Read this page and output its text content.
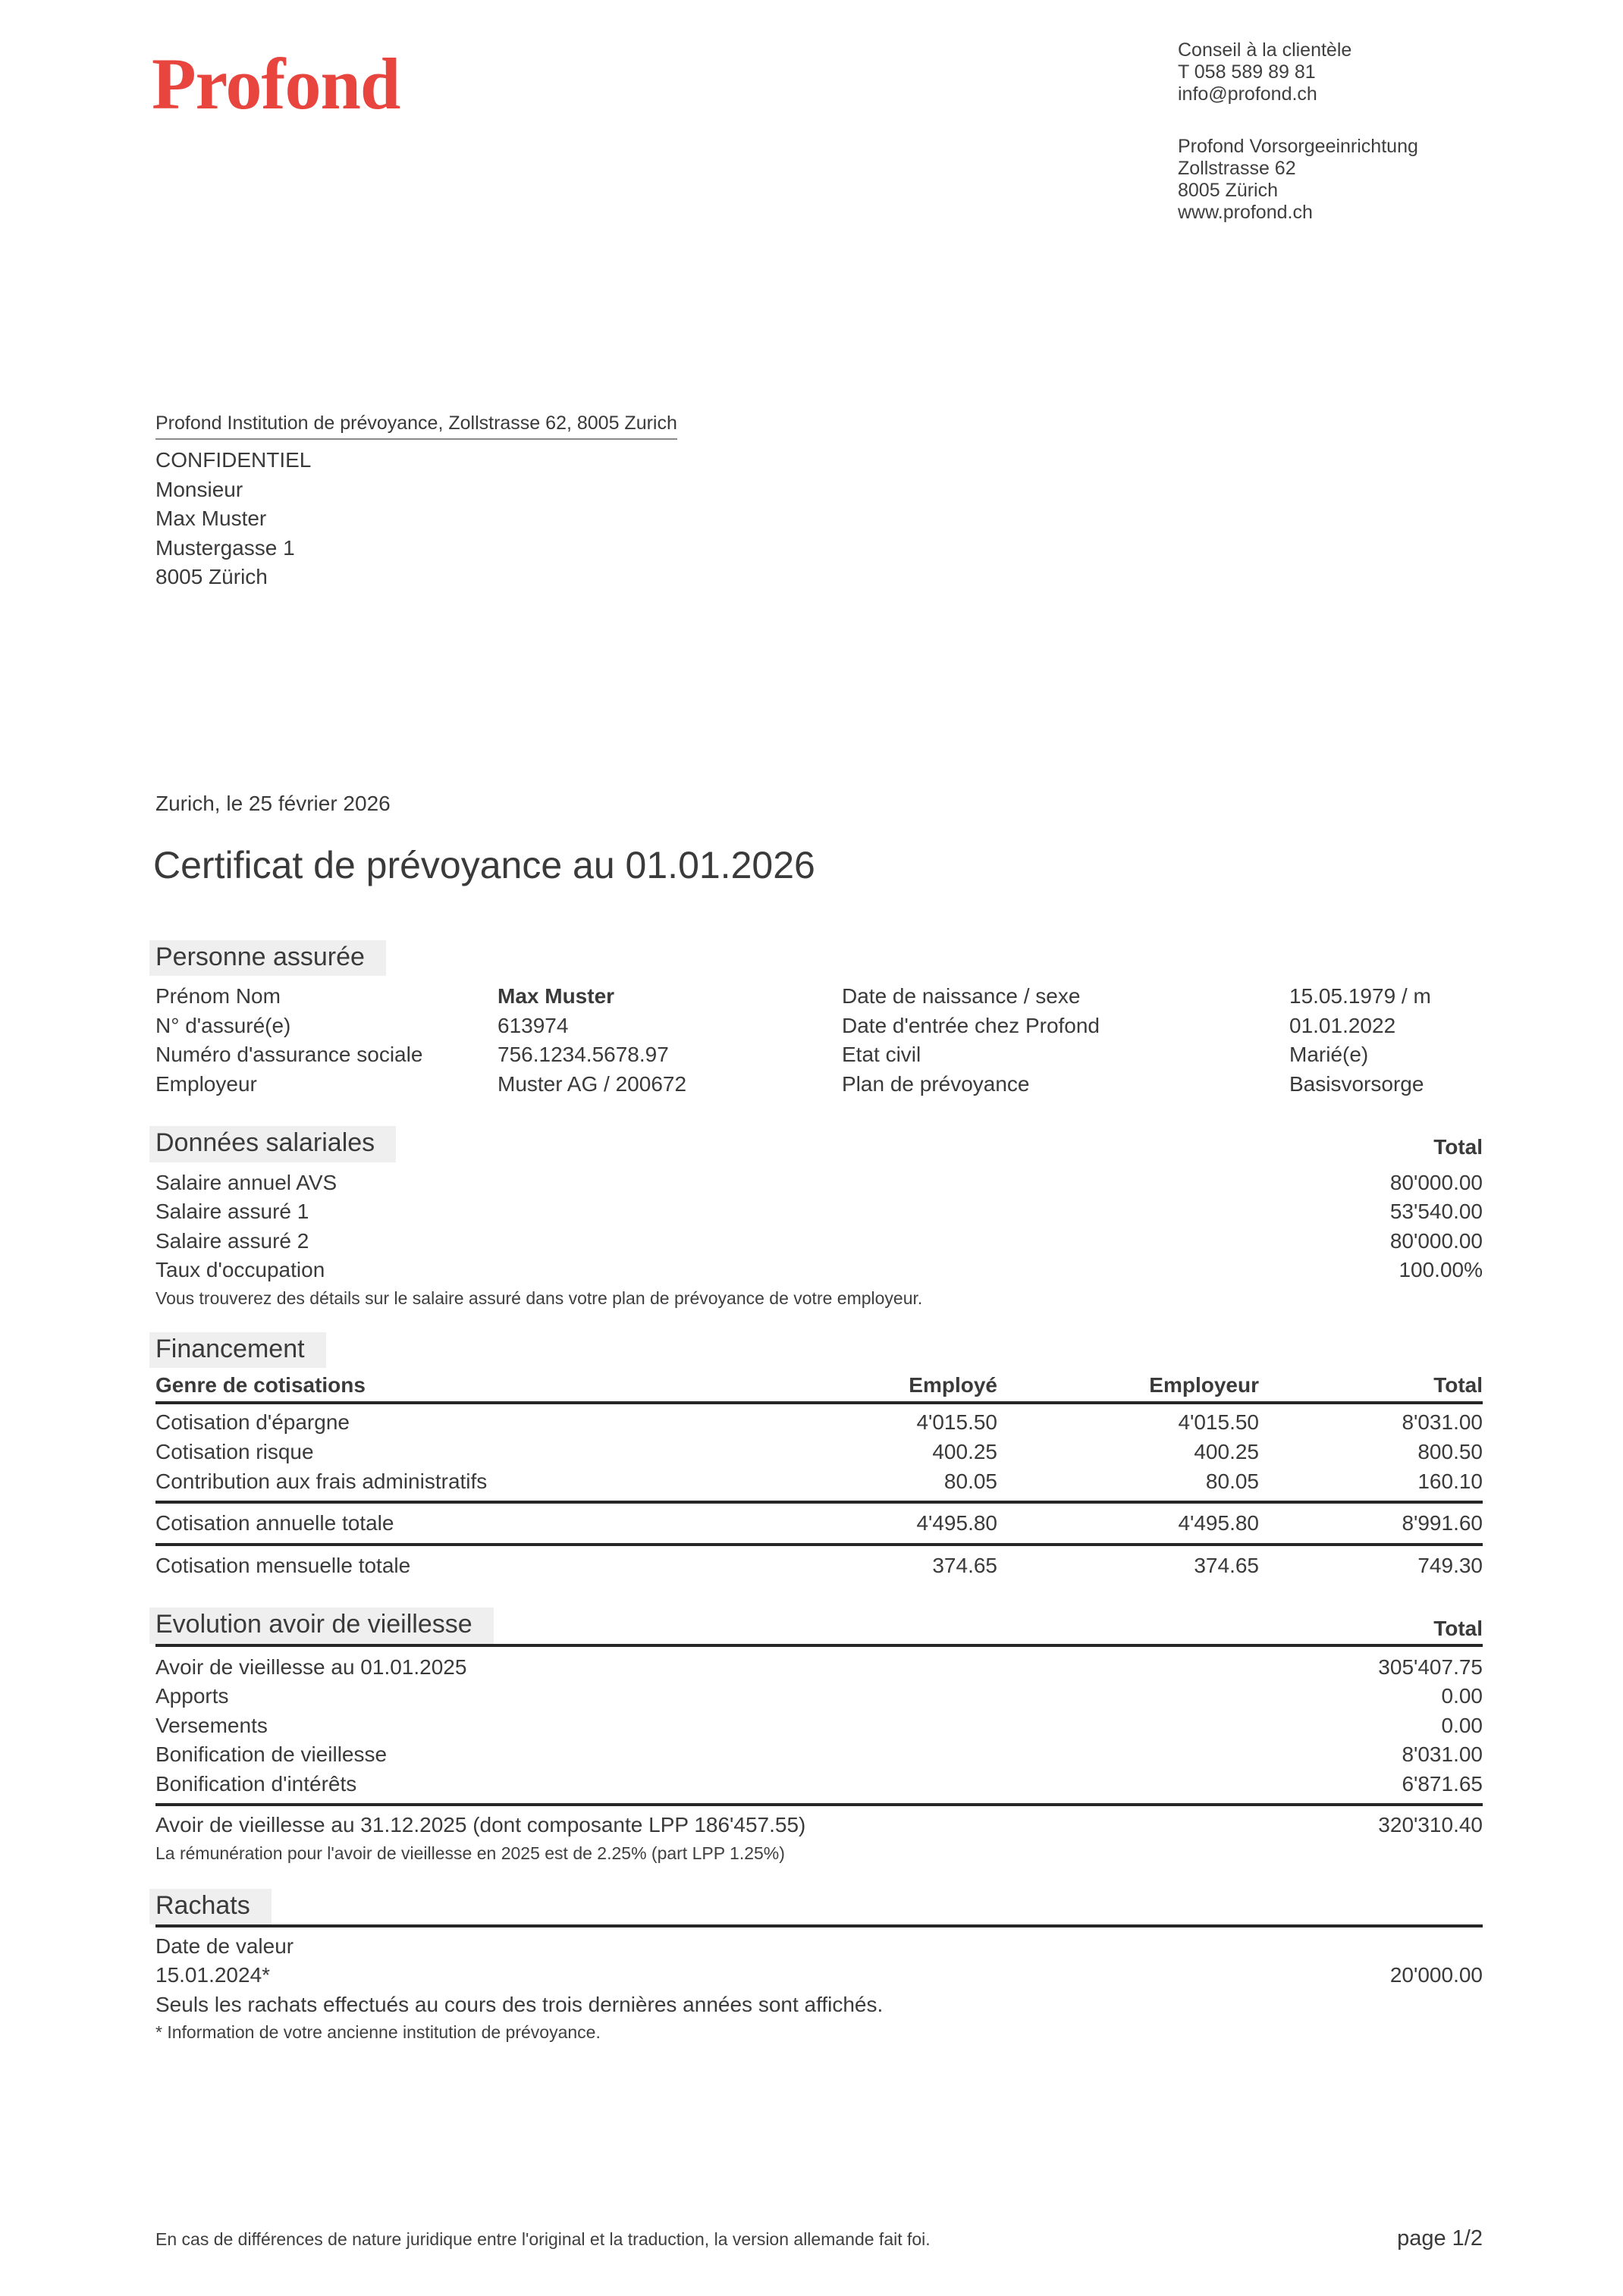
Profond	Conseil à la clientèle
T 058 589 89 81
info@profond.ch
Profond Vorsorgeeinrichtung
Zollstrasse 62
8005 Zürich
www.profond.ch
Profond Institution de prévoyance, Zollstrasse 62, 8005 Zurich
CONFIDENTIEL
Monsieur
Max Muster
Mustergasse 1
8005 Zürich
Zurich, le 25 février 2026
Certificat de prévoyance au 01.01.2026
Personne assurée
Prénom Nom	Max Muster	Date de naissance / sexe	15.05.1979 / m
N° d'assuré(e)	613974	Date d'entrée chez Profond	01.01.2022
Numéro d'assurance sociale	756.1234.5678.97	Etat civil	Marié(e)
Employeur	Muster AG / 200672	Plan de prévoyance	Basisvorsorge
Données salariales	Total
Salaire annuel AVS	80'000.00
Salaire assuré 1	53'540.00
Salaire assuré 2	80'000.00
Taux d'occupation	100.00%
Vous trouverez des détails sur le salaire assuré dans votre plan de prévoyance de votre employeur.
Financement
Genre de cotisations	Employé	Employeur	Total
Cotisation d'épargne	4'015.50	4'015.50	8'031.00
Cotisation risque	400.25	400.25	800.50
Contribution aux frais administratifs	80.05	80.05	160.10
Cotisation annuelle totale	4'495.80	4'495.80	8'991.60
Cotisation mensuelle totale	374.65	374.65	749.30
Evolution avoir de vieillesse	Total
Avoir de vieillesse au 01.01.2025	305'407.75
Apports	0.00
Versements	0.00
Bonification de vieillesse	8'031.00
Bonification d'intérêts	6'871.65
Avoir de vieillesse au 31.12.2025 (dont composante LPP 186'457.55)	320'310.40
La rémunération pour l'avoir de vieillesse en 2025 est de 2.25% (part LPP 1.25%)
Rachats
Date de valeur
15.01.2024*	20'000.00
Seuls les rachats effectués au cours des trois dernières années sont affichés.
* Information de votre ancienne institution de prévoyance.
En cas de différences de nature juridique entre l'original et la traduction, la version allemande fait foi.	page 1/2
